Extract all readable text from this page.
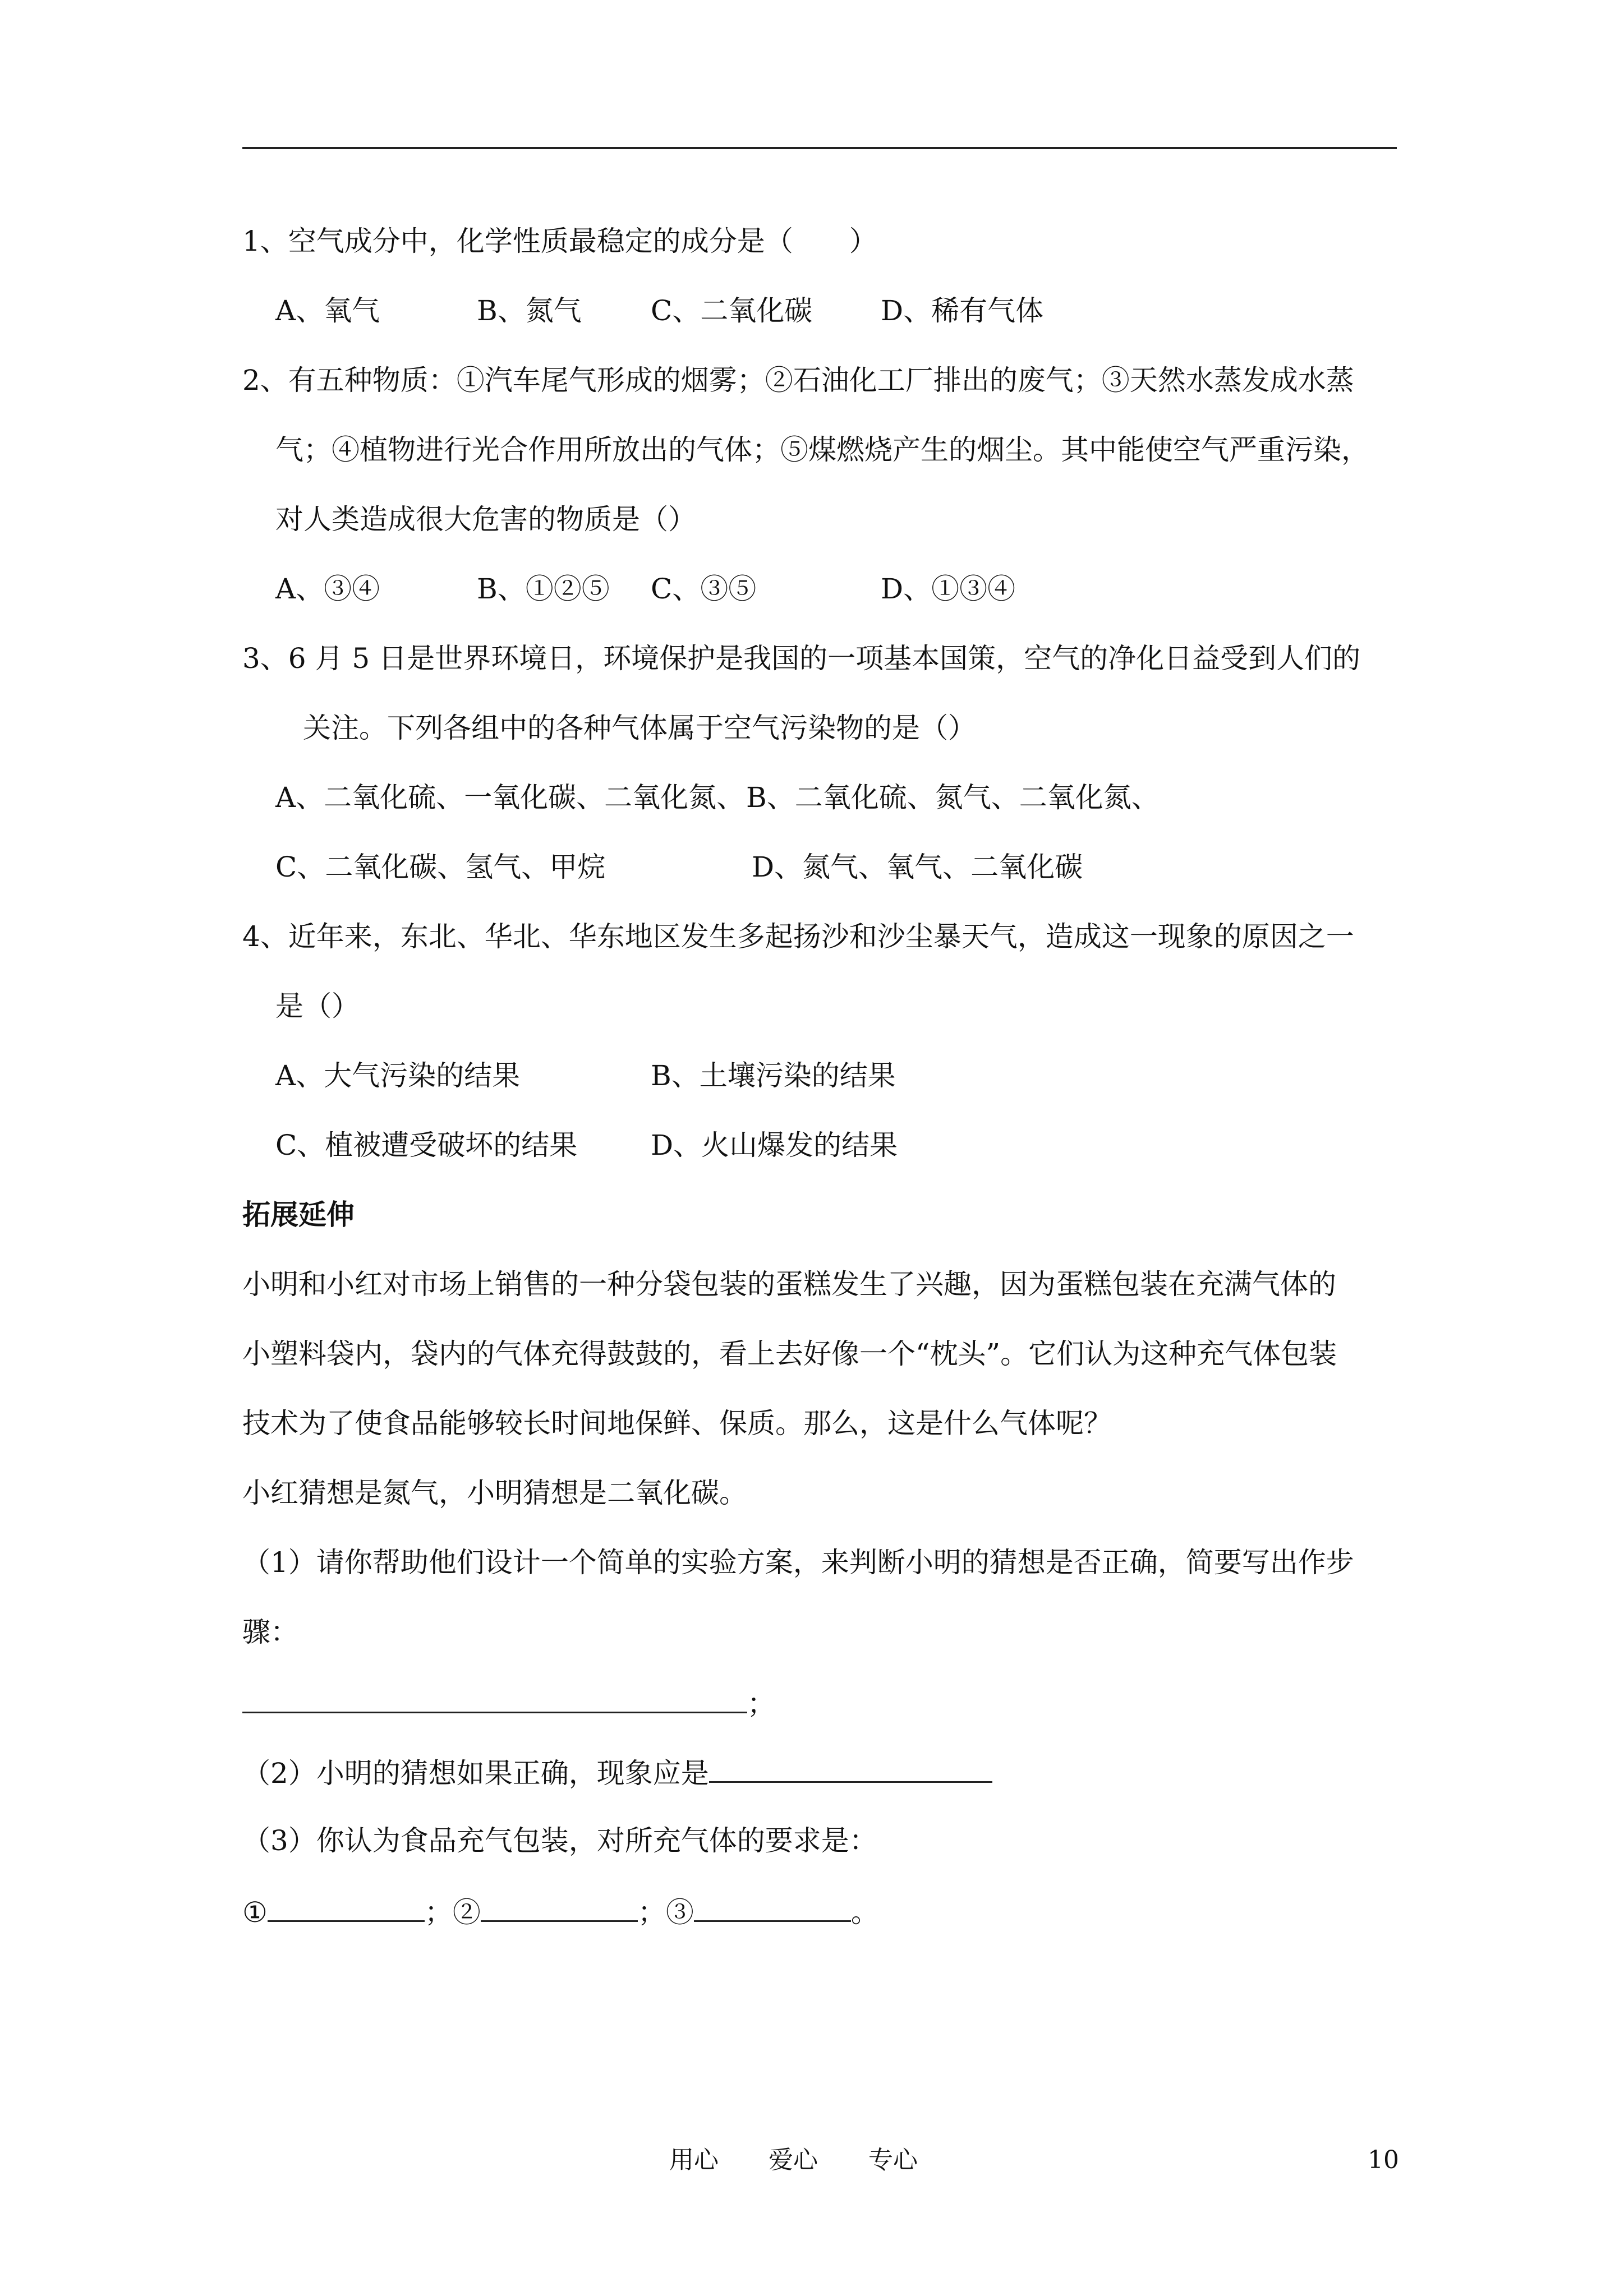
1、空气成分中，化学性质最稳定的成分是（　　）
A、氧气	B、氮气 C、二氧化碳 D、稀有气体
2、有五种物质：①汽车尾气形成的烟雾；②石油化工厂排出的废气；③天然水蒸发成水蒸
气；④植物进行光合作用所放出的气体；⑤煤燃烧产生的烟尘。其中能使空气严重污染，
对人类造成很大危害的物质是（）
A、③④	B、①②⑤ C、③⑤	D、①③④
3、6 月 5 日是世界环境日，环境保护是我国的一项基本国策，空气的净化日益受到人们的
关注。下列各组中的各种气体属于空气污染物的是（）
A、二氧化硫、一氧化碳、二氧化氮、 B、二氧化硫、氮气、二氧化氮、
C、二氧化碳、氢气、甲烷	D、氮气、氧气、二氧化碳
4、近年来，东北、华北、华东地区发生多起扬沙和沙尘暴天气，造成这一现象的原因之一
是（）
A、大气污染的结果	B、土壤污染的结果
C、植被遭受破坏的结果	D、火山爆发的结果
拓展延伸
小明和小红对市场上销售的一种分袋包装的蛋糕发生了兴趣，因为蛋糕包装在充满气体的
小塑料袋内，袋内的气体充得鼓鼓的，看上去好像一个“枕头”。它们认为这种充气体包装
技术为了使食品能够较长时间地保鲜、保质。那么，这是什么气体呢？
小红猜想是氮气，小明猜想是二氧化碳。
（1）请你帮助他们设计一个简单的实验方案，来判断小明的猜想是否正确，简要写出作步
骤：
；
（2）小明的猜想如果正确，现象应是
（3）你认为食品充气包装，对所充气体的要求是：
①	；②	；③	。
用心 爱心 专心	10
